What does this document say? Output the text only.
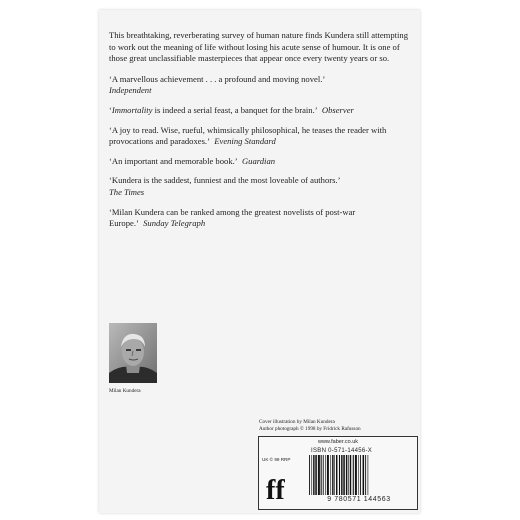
This breathtaking, reverberating survey of human nature finds Kundera still attempting to work out the meaning of life without losing his acute sense of humour. It is one of those great unclassifiable masterpieces that appear once every twenty years or so.

‘A marvellous achievement . . . a profound and moving novel.’
Independent

‘Immortality is indeed a serial feast, a banquet for the brain.’ Observer

‘A joy to read. Wise, rueful, whimsically philosophical, he teases the reader with provocations and paradoxes.’ Evening Standard

‘An important and memorable book.’ Guardian

‘Kundera is the saddest, funniest and the most loveable of authors.’
The Times

‘Milan Kundera can be ranked among the greatest novelists of post-war Europe.’ Sunday Telegraph

Milan Kundera
Cover illustration by Milan Kundera
Author photograph © 1998 by Fridrick Rafusson
www.faber.co.uk
ISBN 0-571-14456-X
UK © 99 RRP
9 780571 144563
ff
